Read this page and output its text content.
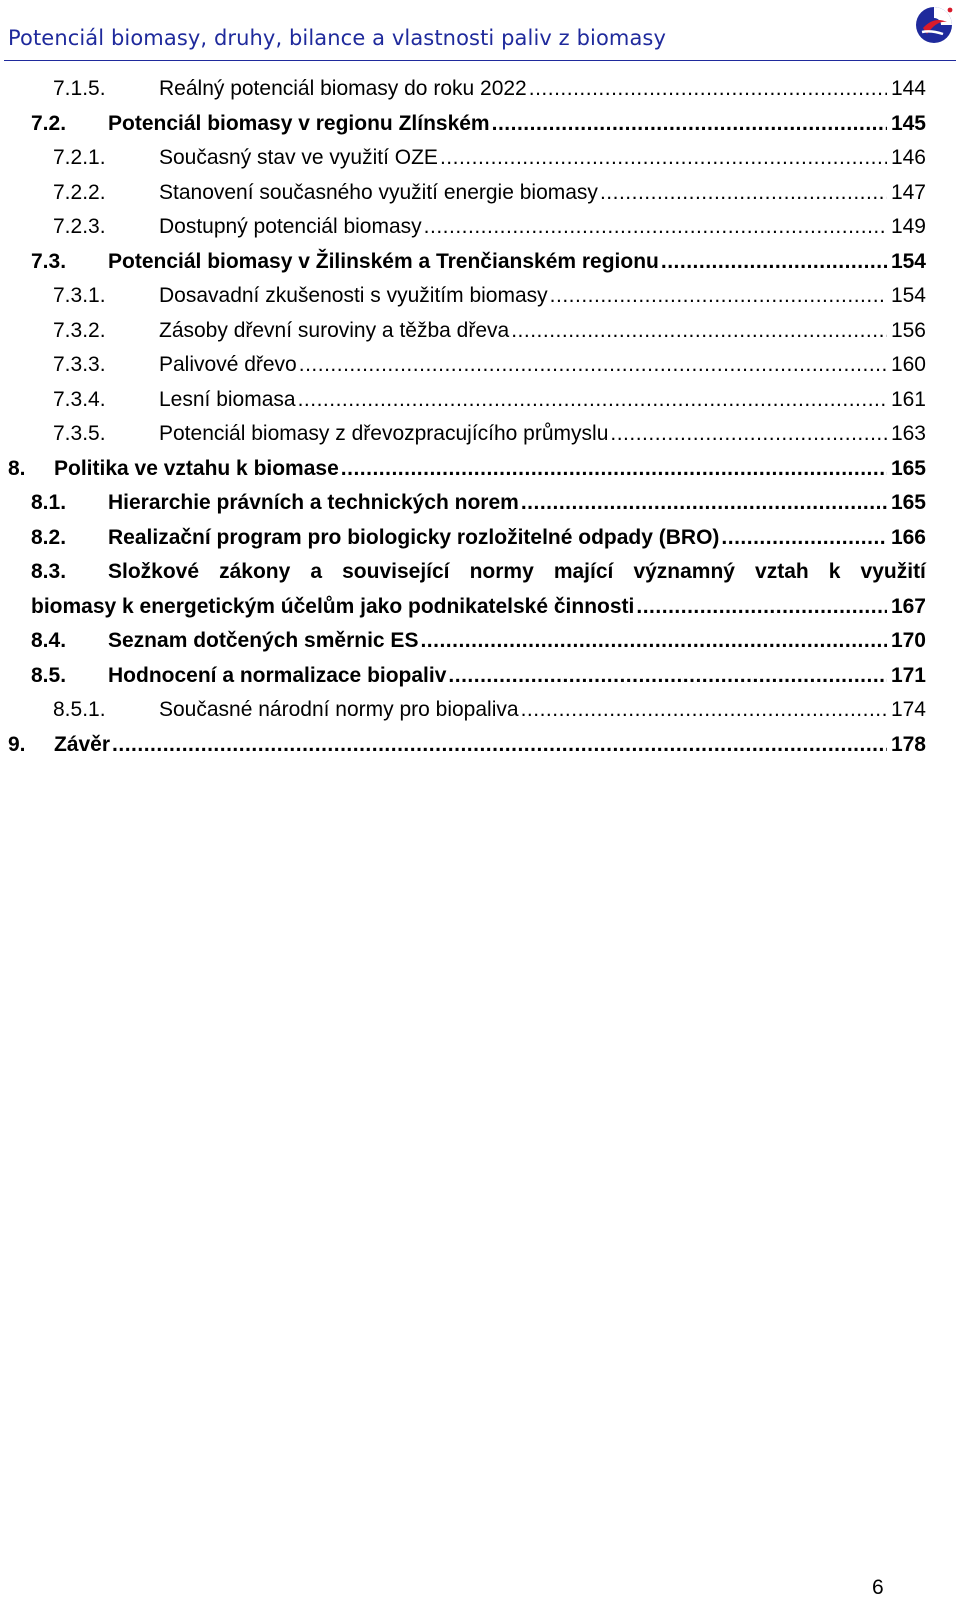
Potenciál biomasy, druhy, bilance a vlastnosti paliv z biomasy
7.1.5.	Reálný potenciál biomasy do roku 2022 .....	144
7.2. Potenciál biomasy v regionu Zlínském .....	145
7.2.1.	Současný stav ve využití OZE .....	146
7.2.2.	Stanovení současného využití energie biomasy .....	147
7.2.3.	Dostupný potenciál biomasy .....	149
7.3. Potenciál biomasy v Žilinském a Trenčianském regionu .....	154
7.3.1.	Dosavadní zkušenosti s využitím biomasy .....	154
7.3.2.	Zásoby dřevní suroviny a těžba dřeva .....	156
7.3.3.	Palivové dřevo .....	160
7.3.4.	Lesní biomasa .....	161
7.3.5.	Potenciál biomasy z dřevozpracujícího průmyslu .....	163
8. Politika ve vztahu k biomase .....	165
8.1. Hierarchie právních a technických norem .....	165
8.2. Realizační program pro biologicky rozložitelné odpady (BRO) .....	166
8.3. Složkové zákony a související normy mající významný vztah k využití
biomasy k energetickým účelům jako podnikatelské činnosti .....	167
8.4. Seznam dotčených směrnic ES .....	170
8.5. Hodnocení a normalizace biopaliv .....	171
8.5.1.	Současné národní normy pro biopaliva .....	174
9. Závěr .....	178
6
